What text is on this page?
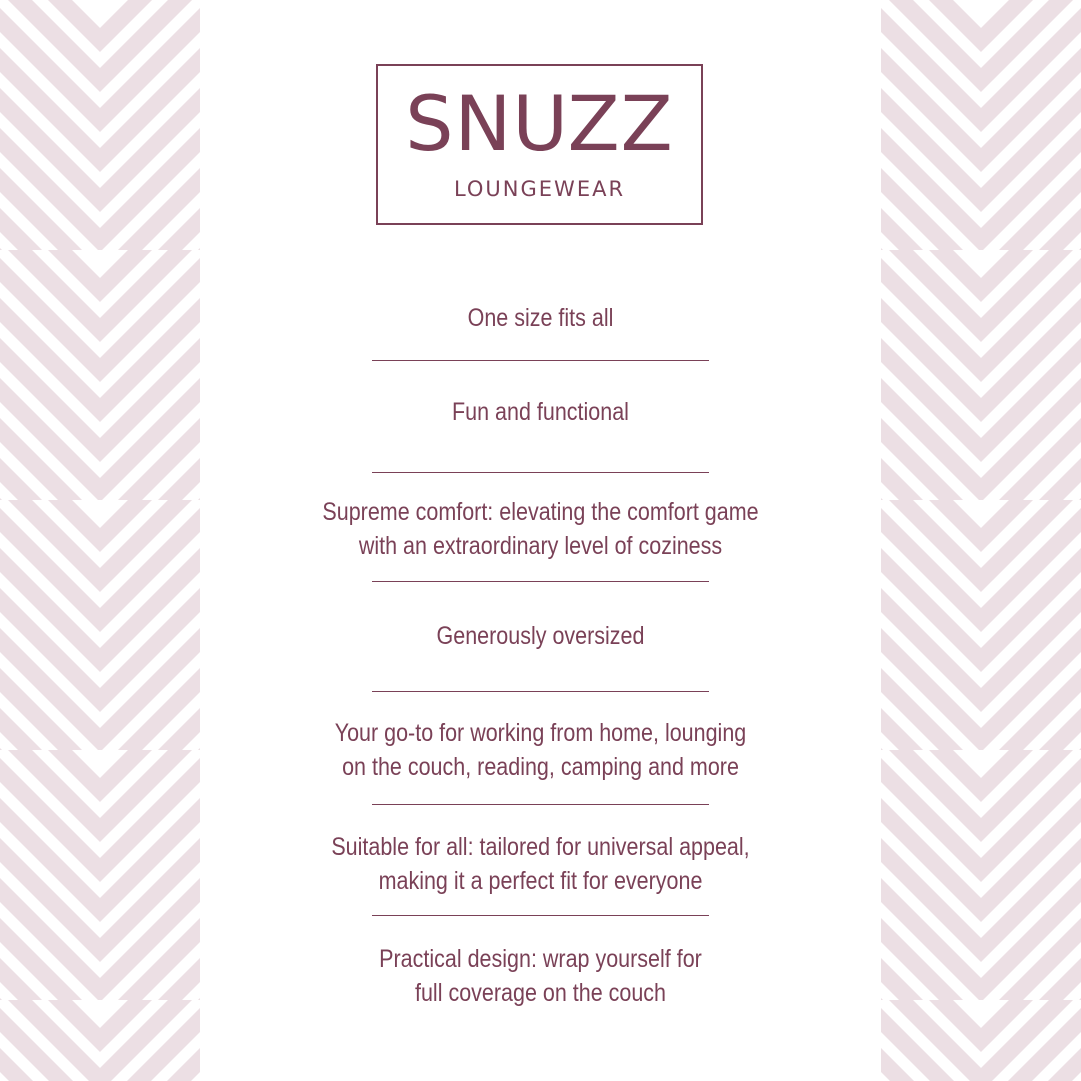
SNUZZ
LOUNGEWEAR
One size fits all
Fun and functional
Supreme comfort: elevating the comfort game
with an extraordinary level of coziness
Generously oversized
Your go-to for working from home, lounging
on the couch, reading, camping and more
Suitable for all: tailored for universal appeal,
making it a perfect fit for everyone
Practical design: wrap yourself for
full coverage on the couch
